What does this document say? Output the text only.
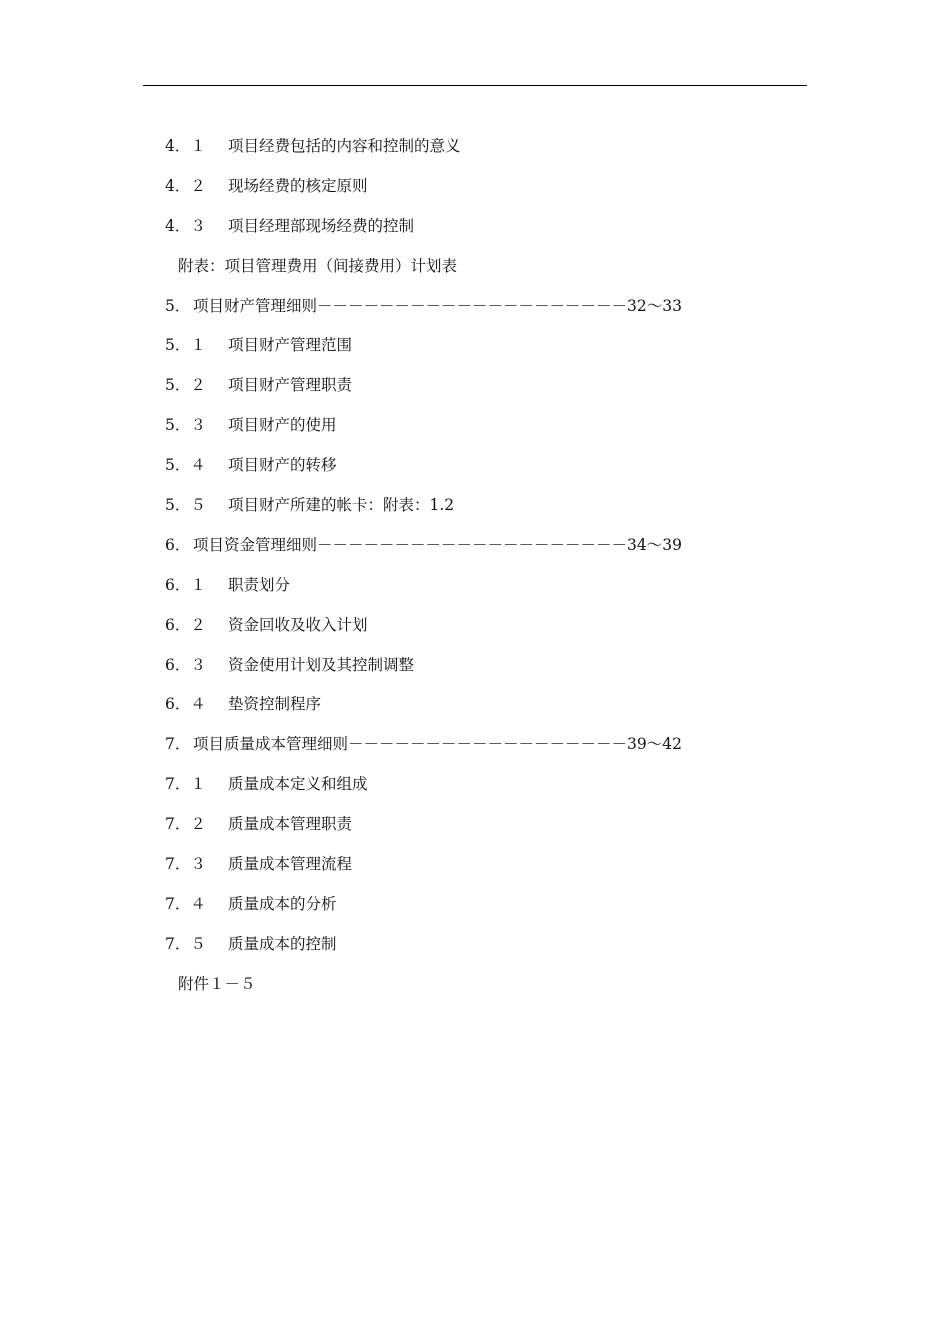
4．１ 项目经费包括的内容和控制的意义
4．２ 现场经费的核定原则
4．３ 项目经理部现场经费的控制
附表：项目管理费用（间接费用）计划表
5． 项目财产管理细则－－－－－－－－－－－－－－－－－－－－32～33
5．１ 项目财产管理范围
5．２ 项目财产管理职责
5．３ 项目财产的使用
5．４ 项目财产的转移
5．５ 项目财产所建的帐卡：附表：1.2
6． 项目资金管理细则－－－－－－－－－－－－－－－－－－－－34～39
6．１ 职责划分
6．２ 资金回收及收入计划
6．３ 资金使用计划及其控制调整
6．４ 垫资控制程序
7． 项目质量成本管理细则－－－－－－－－－－－－－－－－－－39～42
7．１ 质量成本定义和组成
7．２ 质量成本管理职责
7．３ 质量成本管理流程
7．４ 质量成本的分析
7．５ 质量成本的控制
附件１－５
